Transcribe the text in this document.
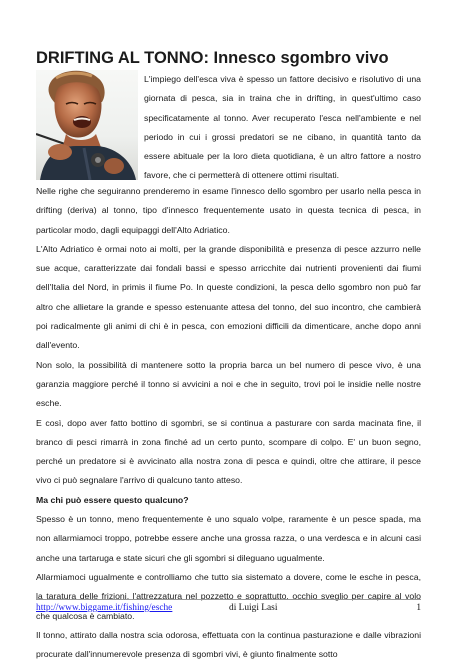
DRIFTING AL TONNO: Innesco sgombro vivo

L'impiego dell'esca viva è spesso un fattore decisivo e risolutivo di una giornata di pesca, sia in traina che in drifting, in quest'ultimo caso specificatamente al tonno. Aver recuperato l'esca nell'ambiente e nel periodo in cui i grossi predatori se ne cibano, in quantità tanto da essere abituale per la loro dieta quotidiana, è un altro fattore a nostro favore, che ci permetterà di ottenere ottimi risultati.

Nelle righe che seguiranno prenderemo in esame l'innesco dello sgombro per usarlo nella pesca in drifting (deriva) al tonno, tipo d'innesco frequentemente usato in questa tecnica di pesca, in particolar modo, dagli equipaggi dell'Alto Adriatico.

L'Alto Adriatico è ormai noto ai molti, per la grande disponibilità e presenza di pesce azzurro nelle sue acque, caratterizzate dai fondali bassi e spesso arricchite dai nutrienti provenienti dai fiumi dell'Italia del Nord, in primis il fiume Po. In queste condizioni, la pesca dello sgombro non può far altro che allietare la grande e spesso estenuante attesa del tonno, del suo incontro, che cambierà poi radicalmente gli animi di chi è in pesca, con emozioni difficili da dimenticare, anche dopo anni dall'evento.

Non solo, la possibilità di mantenere sotto la propria barca un bel numero di pesce vivo, è una garanzia maggiore perché il tonno si avvicini a noi e che in seguito, trovi poi le insidie nelle nostre esche.

E così, dopo aver fatto bottino di sgombri, se si continua a pasturare con sarda macinata fine, il branco di pesci rimarrà in zona finché ad un certo punto, scompare di colpo. E' un buon segno, perché un predatore si è avvicinato alla nostra zona di pesca e quindi, oltre che attirare, il pesce vivo ci può segnalare l'arrivo di qualcuno tanto atteso.

Ma chi può essere questo qualcuno?

Spesso è un tonno, meno frequentemente è uno squalo volpe, raramente è un pesce spada, ma non allarmiamoci troppo, potrebbe essere anche una grossa razza, o una verdesca e in alcuni casi anche una tartaruga e state sicuri che gli sgombri si dileguano ugualmente.

Allarmiamoci ugualmente e controlliamo che tutto sia sistemato a dovere, come le esche in pesca, la taratura delle frizioni, l'attrezzatura nel pozzetto e soprattutto, occhio sveglio per capire al volo che qualcosa è cambiato.

Il tonno, attirato dalla nostra scia odorosa, effettuata con la continua pasturazione e dalle vibrazioni procurate dall'innumerevole presenza di sgombri vivi, è giunto finalmente sotto

http://www.biggame.it/fishing/esche	di Luigi Lasi	1
